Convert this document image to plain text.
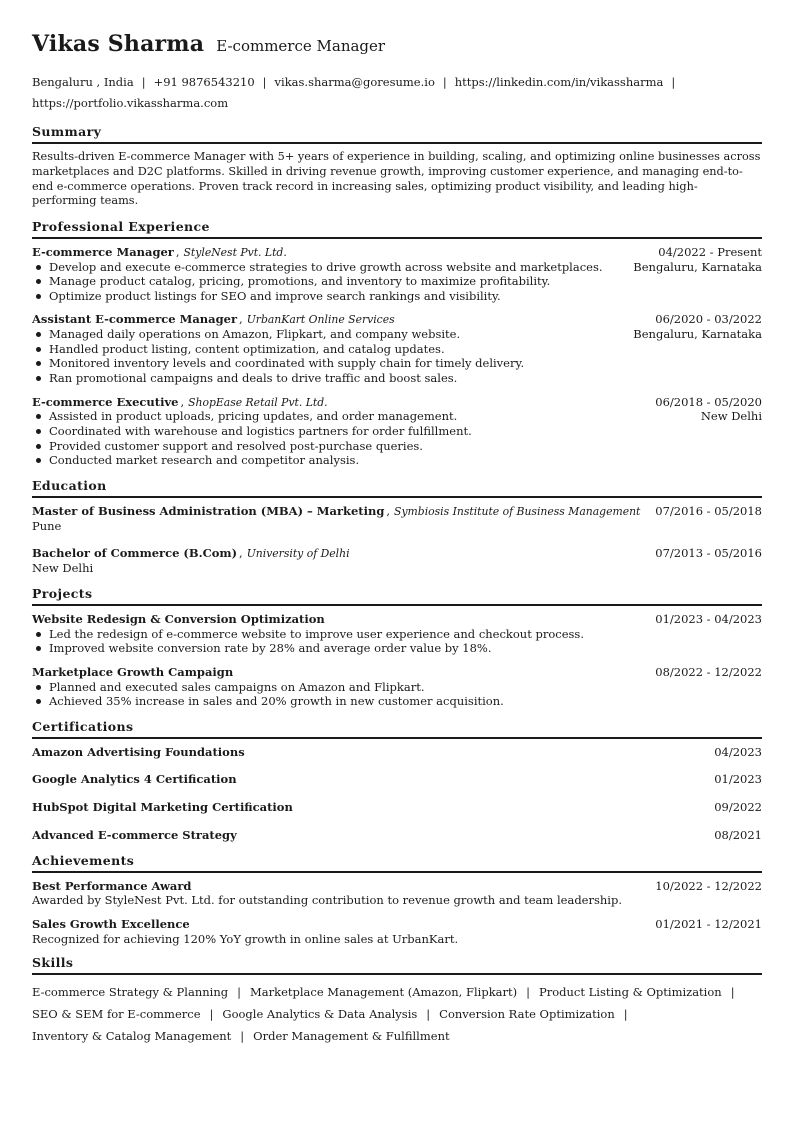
Vikas Sharma E-commerce Manager
Bengaluru , India | +91 9876543210 | vikas.sharma@goresume.io | https://linkedin.com/in/vikassharma |
https://portfolio.vikassharma.com
Summary

Results-driven E-commerce Manager with 5+ years of experience in building, scaling, and optimizing online businesses across marketplaces and D2C platforms. Skilled in driving revenue growth, improving customer experience, and managing end-to-end e-commerce operations. Proven track record in increasing sales, optimizing product visibility, and leading high-performing teams.

Professional Experience
E-commerce Manager , StyleNest Pvt. Ltd.	04/2022 - Present
Develop and execute e-commerce strategies to drive growth across website and marketplaces.
Manage product catalog, pricing, promotions, and inventory to maximize profitability.
Optimize product listings for SEO and improve search rankings and visibility.
Bengaluru, Karnataka
Assistant E-commerce Manager , UrbanKart Online Services	06/2020 - 03/2022
Managed daily operations on Amazon, Flipkart, and company website.
Handled product listing, content optimization, and catalog updates.
Monitored inventory levels and coordinated with supply chain for timely delivery.
Ran promotional campaigns and deals to drive traffic and boost sales.
Bengaluru, Karnataka
E-commerce Executive , ShopEase Retail Pvt. Ltd.	06/2018 - 05/2020
Assisted in product uploads, pricing updates, and order management.
Coordinated with warehouse and logistics partners for order fulfillment.
Provided customer support and resolved post-purchase queries.
Conducted market research and competitor analysis.
New Delhi
Education
Master of Business Administration (MBA) – Marketing , Symbiosis Institute of Business Management	07/2016 - 05/2018
Pune
Bachelor of Commerce (B.Com) , University of Delhi	07/2013 - 05/2016
New Delhi
Projects
Website Redesign & Conversion Optimization	01/2023 - 04/2023
Led the redesign of e-commerce website to improve user experience and checkout process.
Improved website conversion rate by 28% and average order value by 18%.
Marketplace Growth Campaign	08/2022 - 12/2022
Planned and executed sales campaigns on Amazon and Flipkart.
Achieved 35% increase in sales and 20% growth in new customer acquisition.
Certifications
Amazon Advertising Foundations	04/2023
Google Analytics 4 Certification	01/2023
HubSpot Digital Marketing Certification	09/2022
Advanced E-commerce Strategy	08/2021
Achievements
Best Performance Award	10/2022 - 12/2022
Awarded by StyleNest Pvt. Ltd. for outstanding contribution to revenue growth and team leadership.
Sales Growth Excellence	01/2021 - 12/2021
Recognized for achieving 120% YoY growth in online sales at UrbanKart.
Skills
E-commerce Strategy & Planning | Marketplace Management (Amazon, Flipkart) | Product Listing & Optimization |
SEO & SEM for E-commerce | Google Analytics & Data Analysis | Conversion Rate Optimization |
Inventory & Catalog Management | Order Management & Fulfillment
